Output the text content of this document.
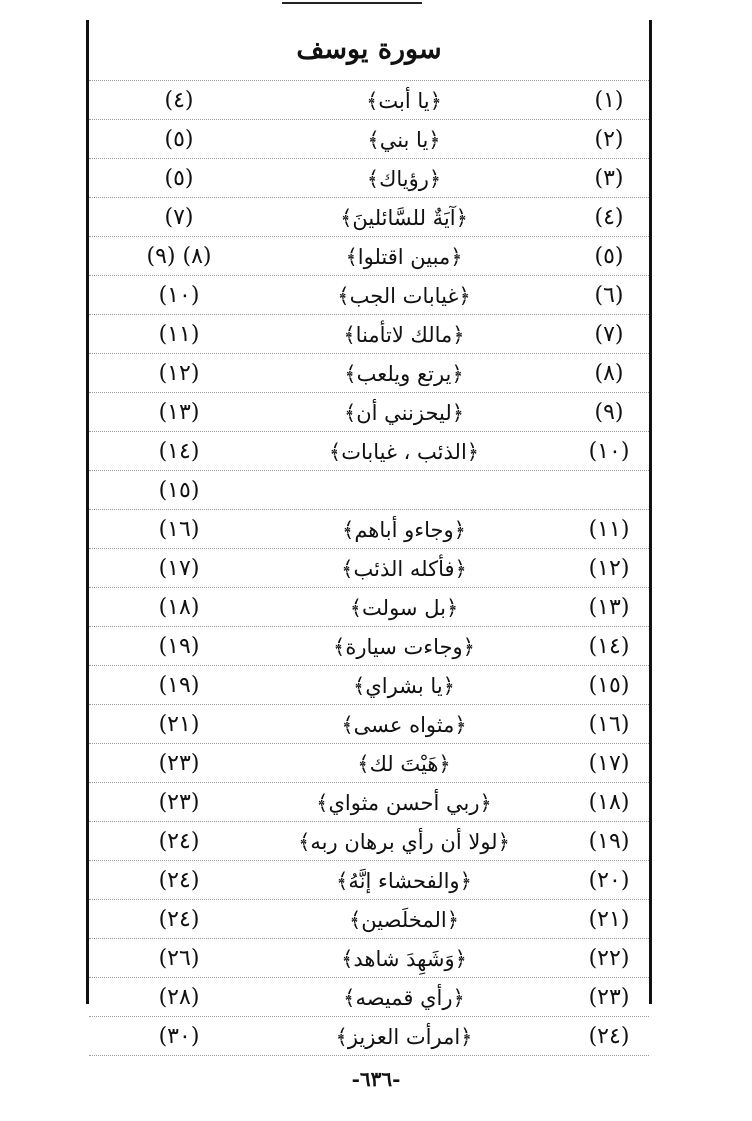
سورة يوسف
(٤)	﴿يا أبت﴾	(١)
(٥)	﴿يا بني﴾	(٢)
(٥)	﴿رؤياك﴾	(٣)
(٧)	﴿آيَةٌ للسَّائلينَ﴾	(٤)
(٨) (٩)	﴿مبين اقتلوا﴾	(٥)
(١٠)	﴿غيابات الجب﴾	(٦)
(١١)	﴿مالك لاتأمنا﴾	(٧)
(١٢)	﴿يرتع ويلعب﴾	(٨)
(١٣)	﴿ليحزنني أن﴾	(٩)
(١٤)	﴿الذئب ، غيابات﴾	(١٠)
(١٥)
(١٦)	﴿وجاءو أباهم﴾	(١١)
(١٧)	﴿فأكله الذئب﴾	(١٢)
(١٨)	﴿بل سولت﴾	(١٣)
(١٩)	﴿وجاءت سيارة﴾	(١٤)
(١٩)	﴿يا بشراي﴾	(١٥)
(٢١)	﴿مثواه عسى﴾	(١٦)
(٢٣)	﴿هَيْتَ لك﴾	(١٧)
(٢٣)	﴿ربي أحسن مثواي﴾	(١٨)
(٢٤)	﴿لولا أن رأي برهان ربه﴾	(١٩)
(٢٤)	﴿والفحشاء إنَّهُ﴾	(٢٠)
(٢٤)	﴿المخلَصين﴾	(٢١)
(٢٦)	﴿وَشَهِدَ شاهد﴾	(٢٢)
(٢٨)	﴿رأي قميصه﴾	(٢٣)
(٣٠)	﴿امرأت العزيز﴾	(٢٤)
-٦٣٦-
